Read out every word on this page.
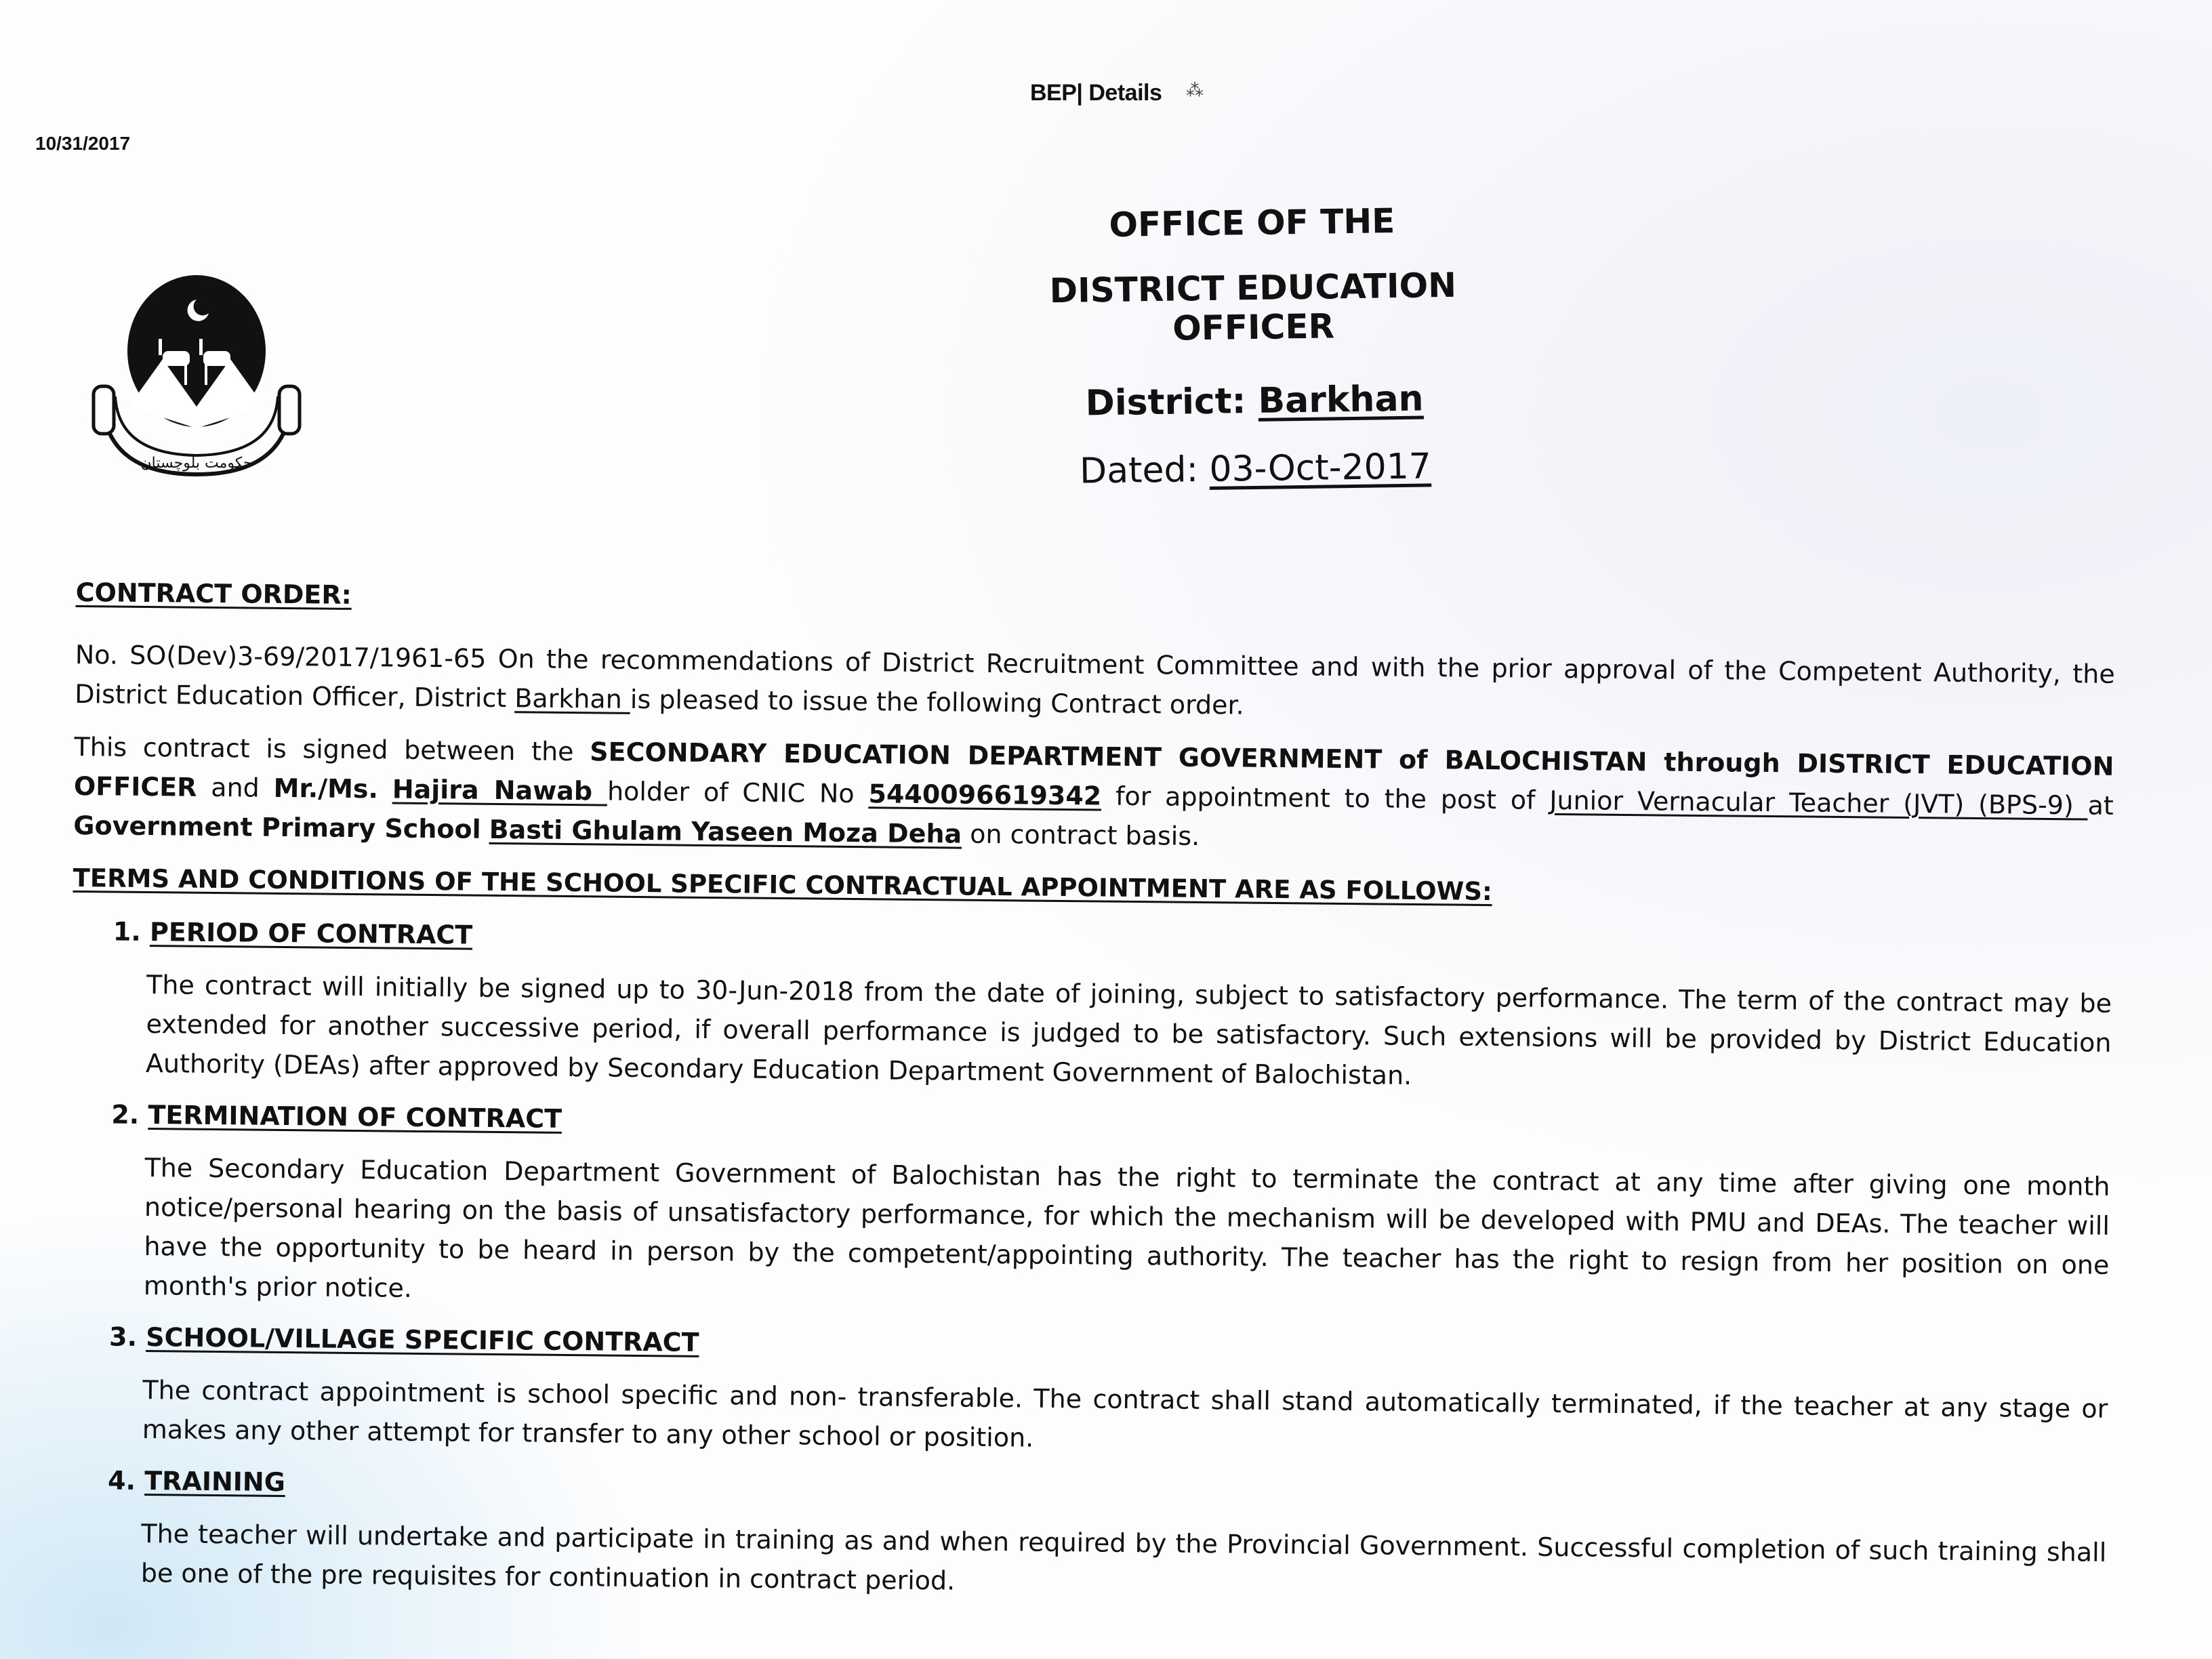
BEP| Details ⁂
10/31/2017
حکومت بلوچستان
OFFICE OF THE
DISTRICT EDUCATION OFFICER
District: Barkhan
Dated: 03-Oct-2017
CONTRACT ORDER:

No. SO(Dev)3-69/2017/1961-65 On the recommendations of District Recruitment Committee and with the prior approval of the Competent Authority, the District Education Officer, District Barkhan is pleased to issue the following Contract order.

This contract is signed between the SECONDARY EDUCATION DEPARTMENT GOVERNMENT of BALOCHISTAN through DISTRICT EDUCATION OFFICER and Mr./Ms. Hajira Nawab holder of CNIC No 5440096619342 for appointment to the post of Junior Vernacular Teacher (JVT) (BPS-9) at Government Primary School Basti Ghulam Yaseen Moza Deha on contract basis.

TERMS AND CONDITIONS OF THE SCHOOL SPECIFIC CONTRACTUAL APPOINTMENT ARE AS FOLLOWS:
1. PERIOD OF CONTRACT
The contract will initially be signed up to 30-Jun-2018 from the date of joining, subject to satisfactory performance. The term of the contract may be extended for another successive period, if overall performance is judged to be satisfactory. Such extensions will be provided by District Education Authority (DEAs) after approved by Secondary Education Department Government of Balochistan.
2. TERMINATION OF CONTRACT
The Secondary Education Department Government of Balochistan has the right to terminate the contract at any time after giving one month notice/personal hearing on the basis of unsatisfactory performance, for which the mechanism will be developed with PMU and DEAs. The teacher will have the opportunity to be heard in person by the competent/appointing authority. The teacher has the right to resign from her position on one month's prior notice.
3. SCHOOL/VILLAGE SPECIFIC CONTRACT
The contract appointment is school specific and non- transferable. The contract shall stand automatically terminated, if the teacher at any stage or makes any other attempt for transfer to any other school or position.
4. TRAINING
The teacher will undertake and participate in training as and when required by the Provincial Government. Successful completion of such training shall be one of the pre requisites for continuation in contract period.
